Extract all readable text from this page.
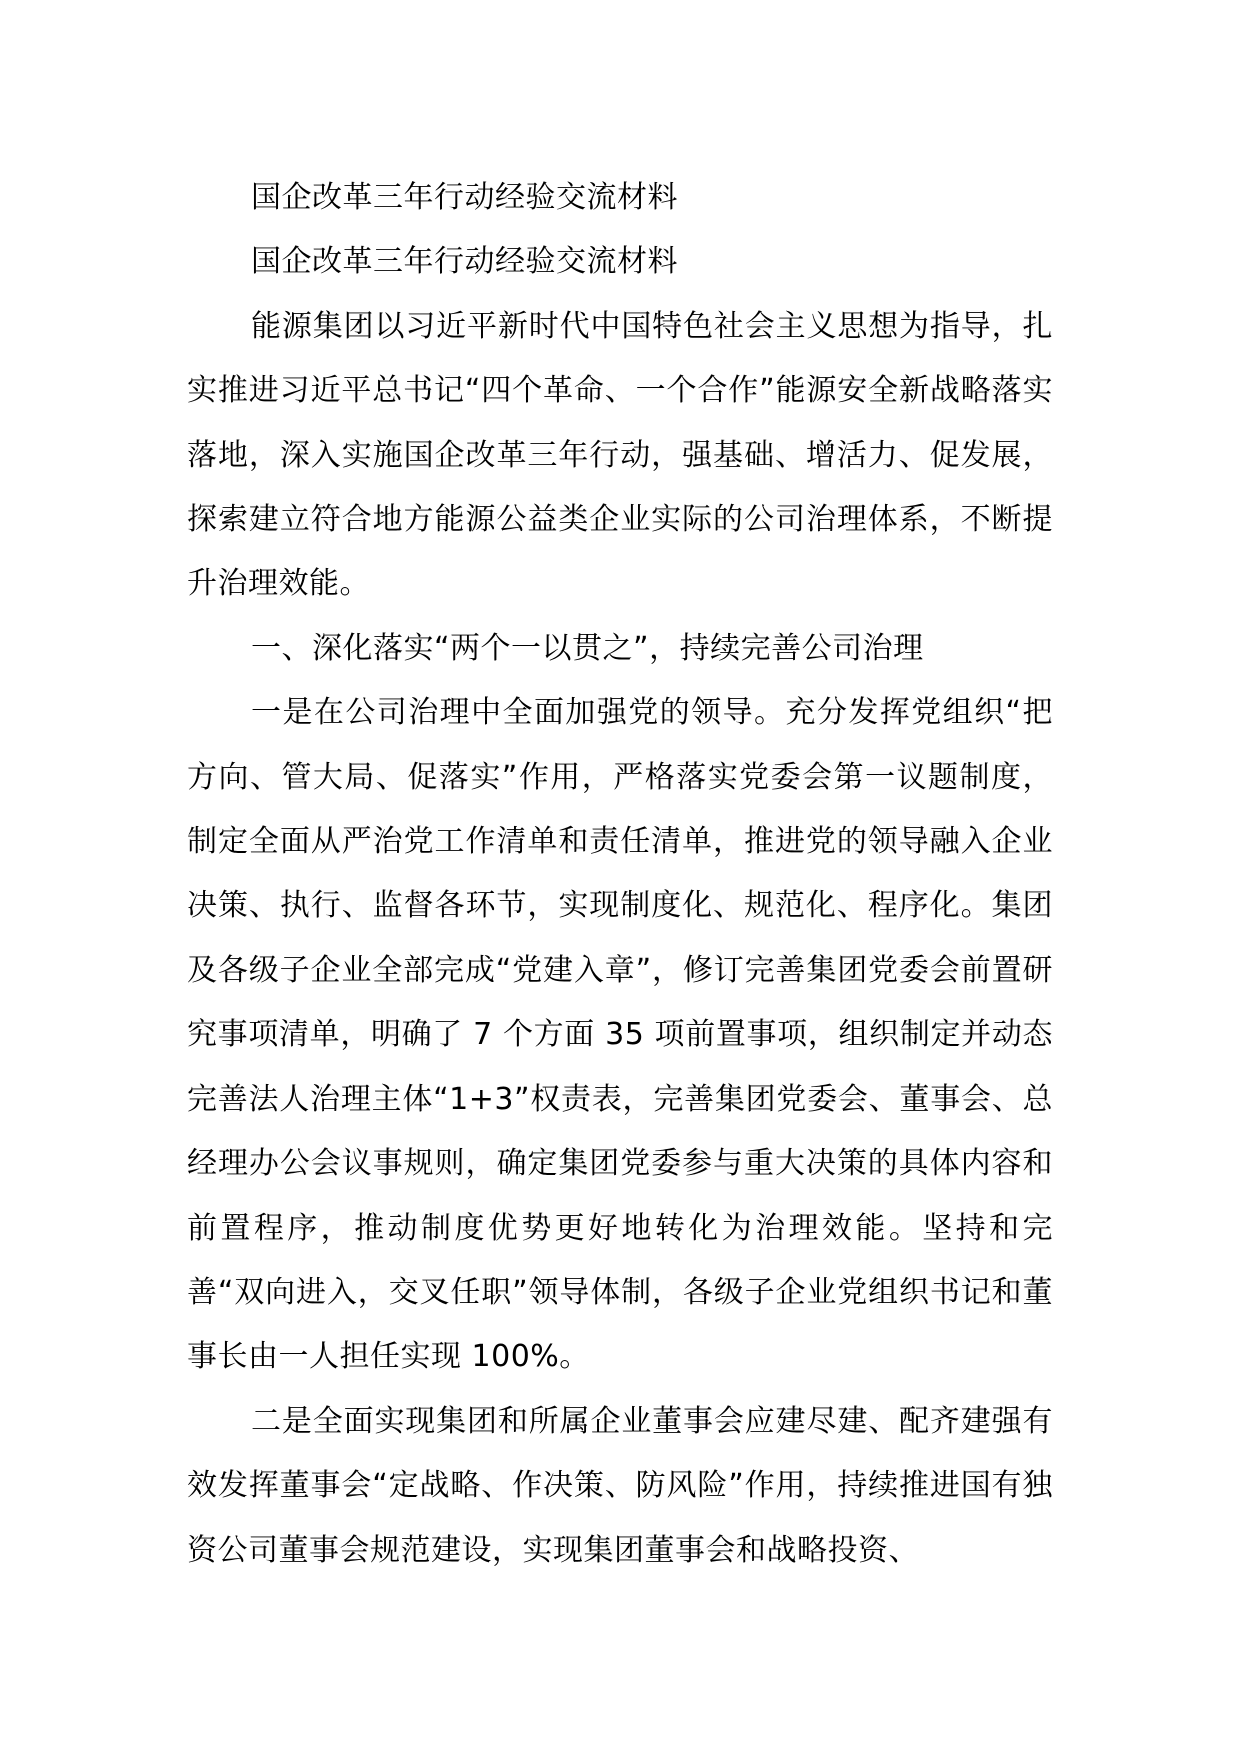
国企改革三年行动经验交流材料

国企改革三年行动经验交流材料

能源集团以习近平新时代中国特色社会主义思想为指导，扎实推进习近平总书记“四个革命、一个合作”能源安全新战略落实落地，深入实施国企改革三年行动，强基础、增活力、促发展，探索建立符合地方能源公益类企业实际的公司治理体系，不断提升治理效能。

一、深化落实“两个一以贯之”，持续完善公司治理

一是在公司治理中全面加强党的领导。充分发挥党组织“把方向、管大局、促落实”作用，严格落实党委会第一议题制度，制定全面从严治党工作清单和责任清单，推进党的领导融入企业决策、执行、监督各环节，实现制度化、规范化、程序化。集团及各级子企业全部完成“党建入章”，修订完善集团党委会前置研究事项清单，明确了 7 个方面 35 项前置事项，组织制定并动态完善法人治理主体“1+3”权责表，完善集团党委会、董事会、总经理办公会议事规则，确定集团党委参与重大决策的具体内容和前置程序，推动制度优势更好地转化为治理效能。坚持和完善“双向进入，交叉任职”领导体制，各级子企业党组织书记和董事长由一人担任实现 100%。

二是全面实现集团和所属企业董事会应建尽建、配齐建强有效发挥董事会“定战略、作决策、防风险”作用，持续推进国有独资公司董事会规范建设，实现集团董事会和战略投资、
